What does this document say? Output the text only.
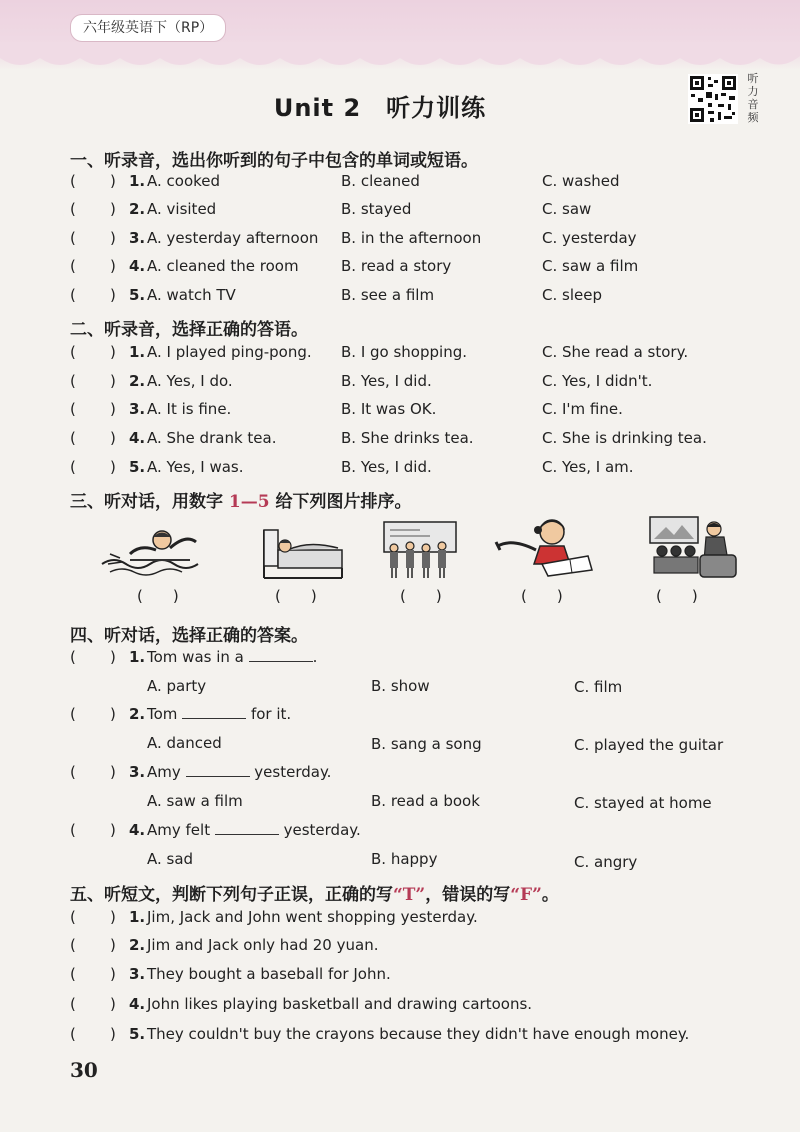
六年级英语下（RP）
Unit 2　听力训练
听力音频
一、听录音，选出你听到的句子中包含的单词或短语。
( ) 1. A. cooked	B. cleaned	C. washed
( ) 2. A. visited	B. stayed	C. saw
( ) 3. A. yesterday afternoon B. in the afternoon	C. yesterday
( ) 4. A. cleaned the room	B. read a story	C. saw a film
( ) 5. A. watch TV	B. see a film	C. sleep
二、听录音，选择正确的答语。
( ) 1. A. I played ping-pong. B. I go shopping.	C. She read a story.
( ) 2. A. Yes, I do.	B. Yes, I did.	C. Yes, I didn't.
( ) 3. A. It is fine.	B. It was OK.	C. I'm fine.
( ) 4. A. She drank tea.	B. She drinks tea.	C. She is drinking tea.
( ) 5. A. Yes, I was.	B. Yes, I did.	C. Yes, I am.
三、听对话，用数字 1—5 给下列图片排序。
(　　)	(　　)	(　　)	(　　)	(　　)
四、听对话，选择正确的答案。
( ) 1. Tom was in a	.
A. party	B. show	C. film
( ) 2. Tom	for it.
A. danced	B. sang a song	C. played the guitar
( ) 3. Amy	yesterday.
A. saw a film	B. read a book	C. stayed at home
( ) 4. Amy felt	yesterday.
A. sad	B. happy	C. angry
五、听短文，判断下列句子正误，正确的写“T”，错误的写“F”。
( ) 1. Jim, Jack and John went shopping yesterday.
( ) 2. Jim and Jack only had 20 yuan.
( ) 3. They bought a baseball for John.
( ) 4. John likes playing basketball and drawing cartoons.
( ) 5. They couldn't buy the crayons because they didn't have enough money.
30
